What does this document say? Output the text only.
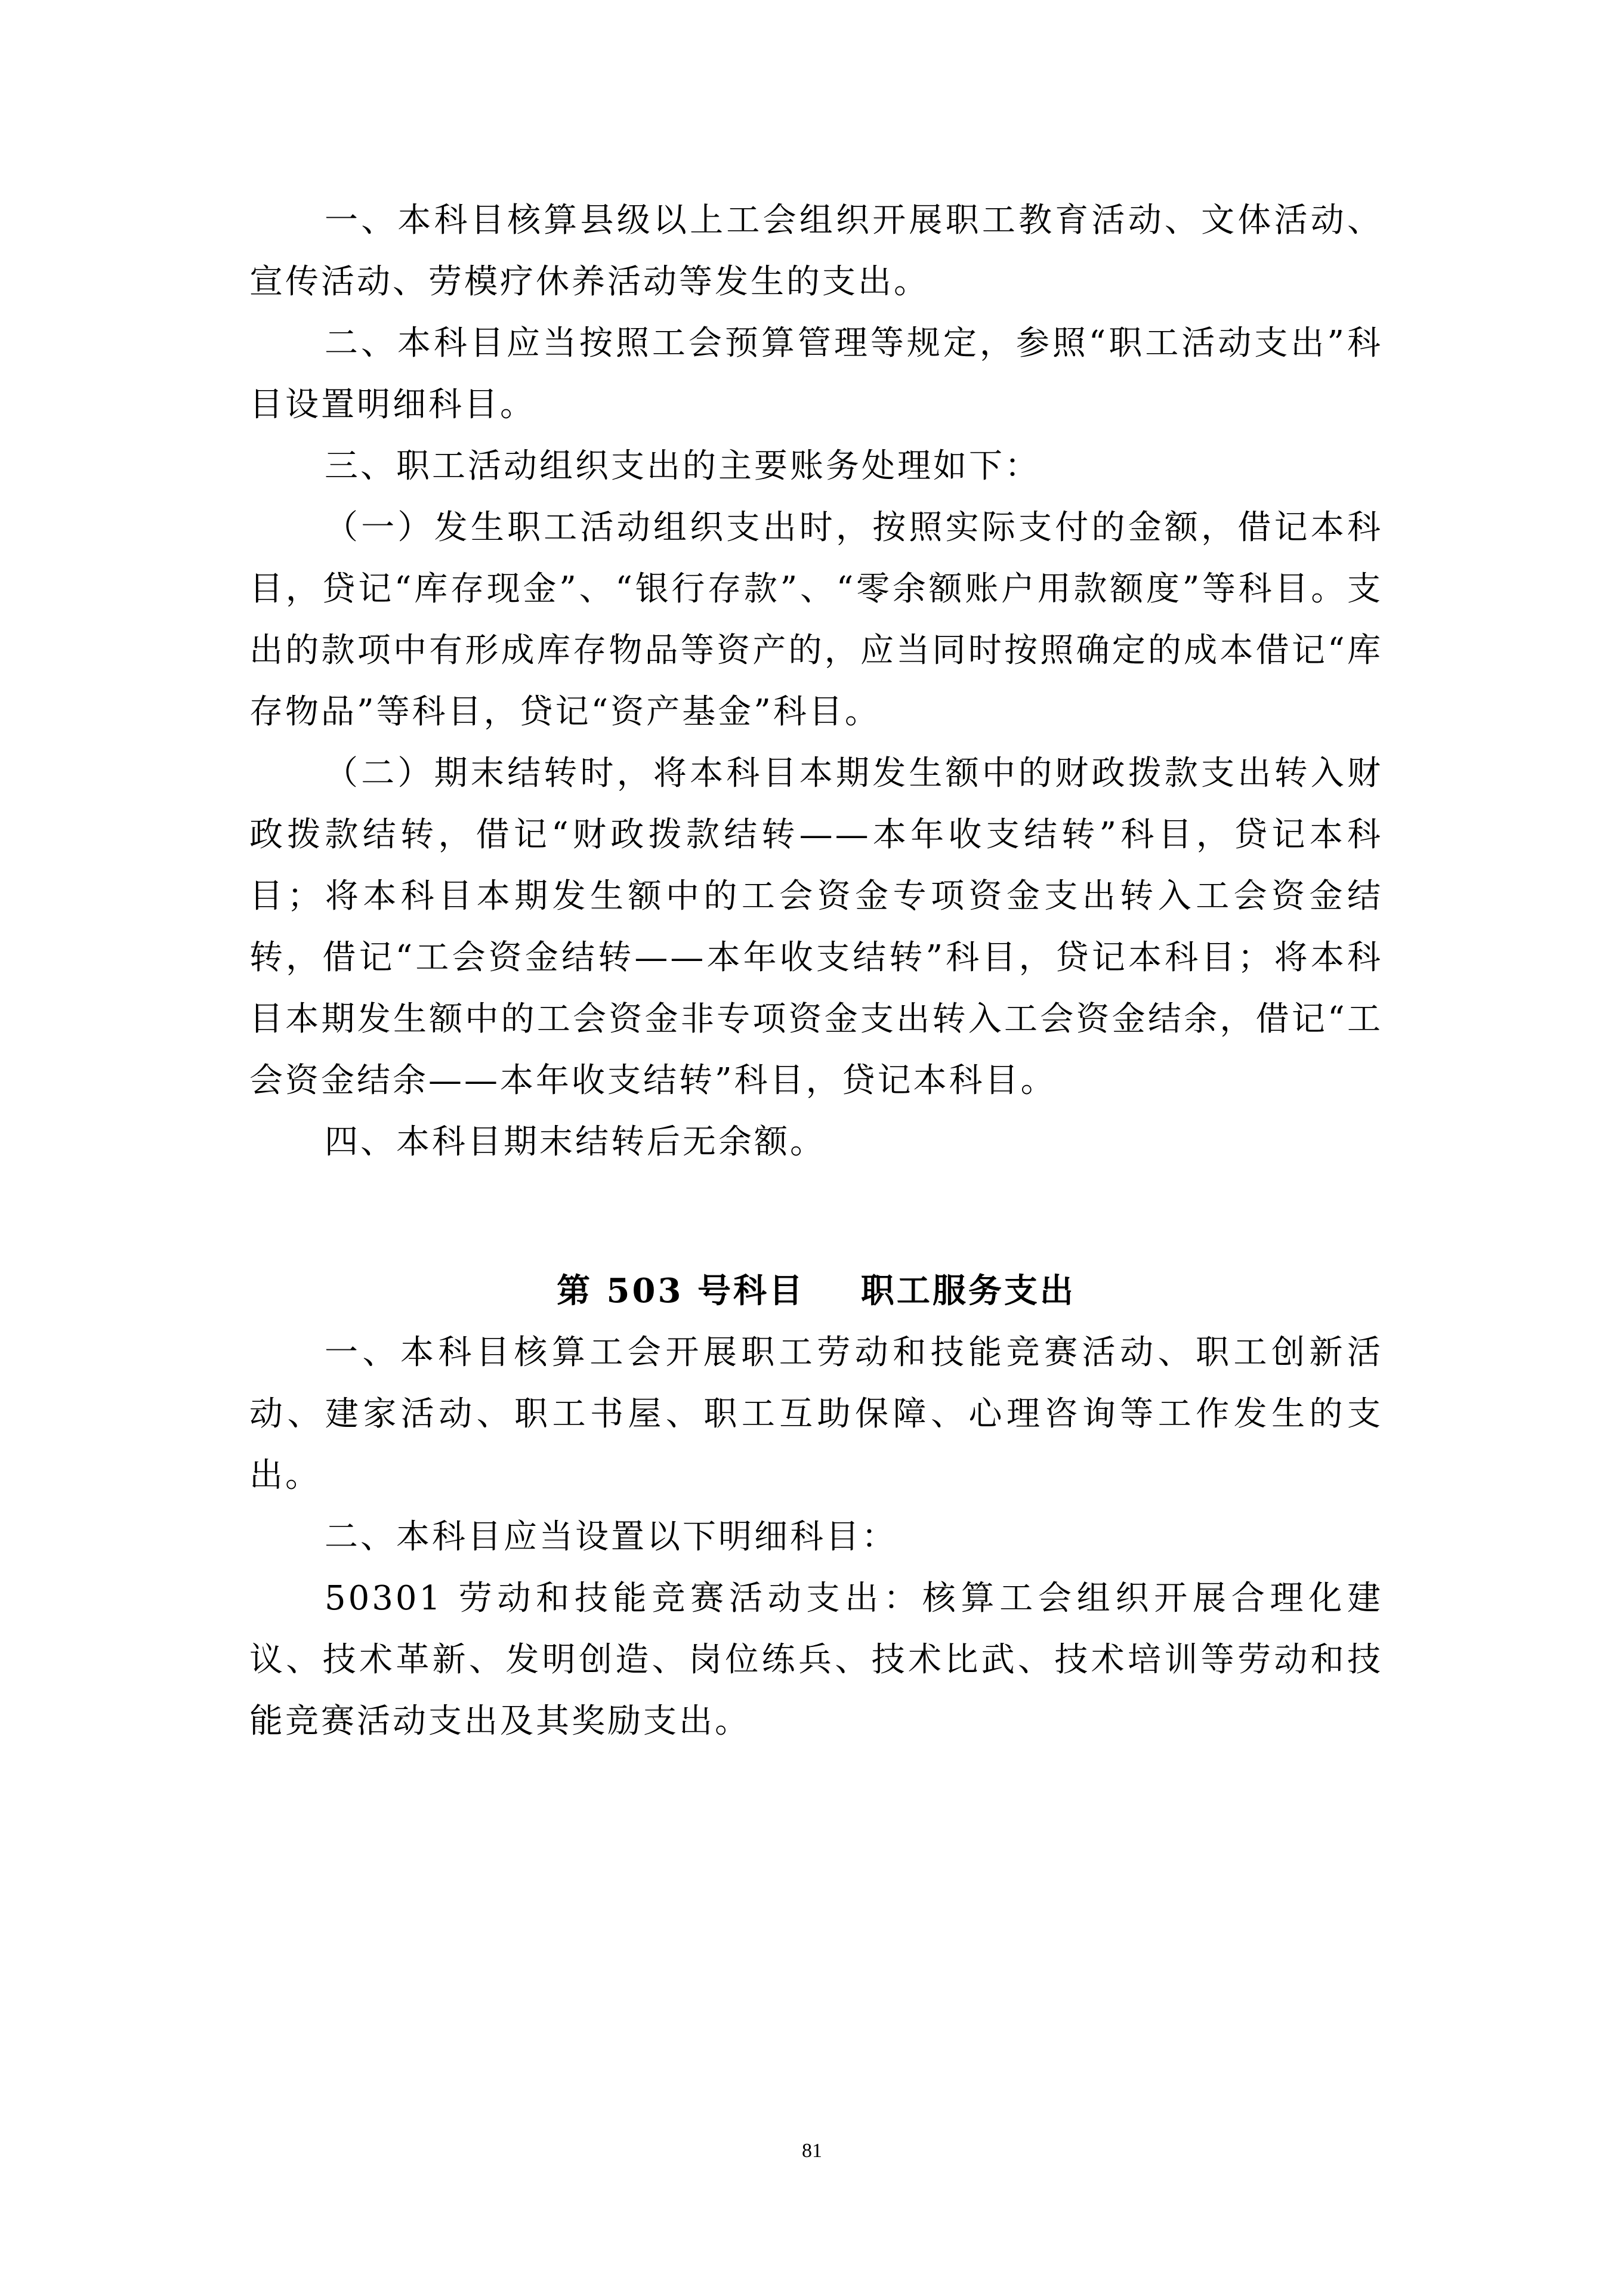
一、本科目核算县级以上工会组织开展职工教育活动、文体活动、宣传活动、劳模疗休养活动等发生的支出。

二、本科目应当按照工会预算管理等规定，参照“职工活动支出”科目设置明细科目。

三、职工活动组织支出的主要账务处理如下：

（一）发生职工活动组织支出时，按照实际支付的金额，借记本科目，贷记“库存现金”、“银行存款”、“零余额账户用款额度”等科目。支出的款项中有形成库存物品等资产的，应当同时按照确定的成本借记“库存物品”等科目，贷记“资产基金”科目。

（二）期末结转时，将本科目本期发生额中的财政拨款支出转入财政拨款结转，借记“财政拨款结转——本年收支结转”科目，贷记本科目；将本科目本期发生额中的工会资金专项资金支出转入工会资金结转，借记“工会资金结转——本年收支结转”科目，贷记本科目；将本科目本期发生额中的工会资金非专项资金支出转入工会资金结余，借记“工会资金结余——本年收支结转”科目，贷记本科目。

四、本科目期末结转后无余额。

第 503 号科目    职工服务支出

一、本科目核算工会开展职工劳动和技能竞赛活动、职工创新活动、建家活动、职工书屋、职工互助保障、心理咨询等工作发生的支出。

二、本科目应当设置以下明细科目：

50301 劳动和技能竞赛活动支出：核算工会组织开展合理化建议、技术革新、发明创造、岗位练兵、技术比武、技术培训等劳动和技能竞赛活动支出及其奖励支出。

81
